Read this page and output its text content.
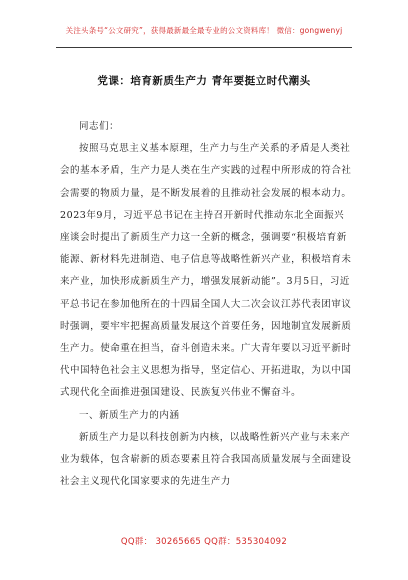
关注头条号“公文研究”，获得最新最全最专业的公文资料库！ 微信：gongwenyj
党课：培育新质生产力 青年要挺立时代潮头

同志们：

按照马克思主义基本原理，生产力与生产关系的矛盾是人类社会的基本矛盾，生产力是人类在生产实践的过程中所形成的符合社会需要的物质力量，是不断发展着的且推动社会发展的根本动力。2023年9月，习近平总书记在主持召开新时代推动东北全面振兴座谈会时提出了新质生产力这一全新的概念，强调要“积极培育新能源、新材料先进制造、电子信息等战略性新兴产业，积极培育未来产业，加快形成新质生产力，增强发展新动能”。3月5日，习近平总书记在参加他所在的十四届全国人大二次会议江苏代表团审议时强调，要牢牢把握高质量发展这个首要任务，因地制宜发展新质生产力。使命重在担当，奋斗创造未来。广大青年要以习近平新时代中国特色社会主义思想为指导，坚定信心、开拓进取，为以中国式现代化全面推进强国建设、民族复兴伟业不懈奋斗。

一、新质生产力的内涵

新质生产力是以科技创新为内核，以战略性新兴产业与未来产业为载体，包含崭新的质态要素且符合我国高质量发展与全面建设社会主义现代化国家要求的先进生产力

QQ群： 30265665 QQ群：535304092
